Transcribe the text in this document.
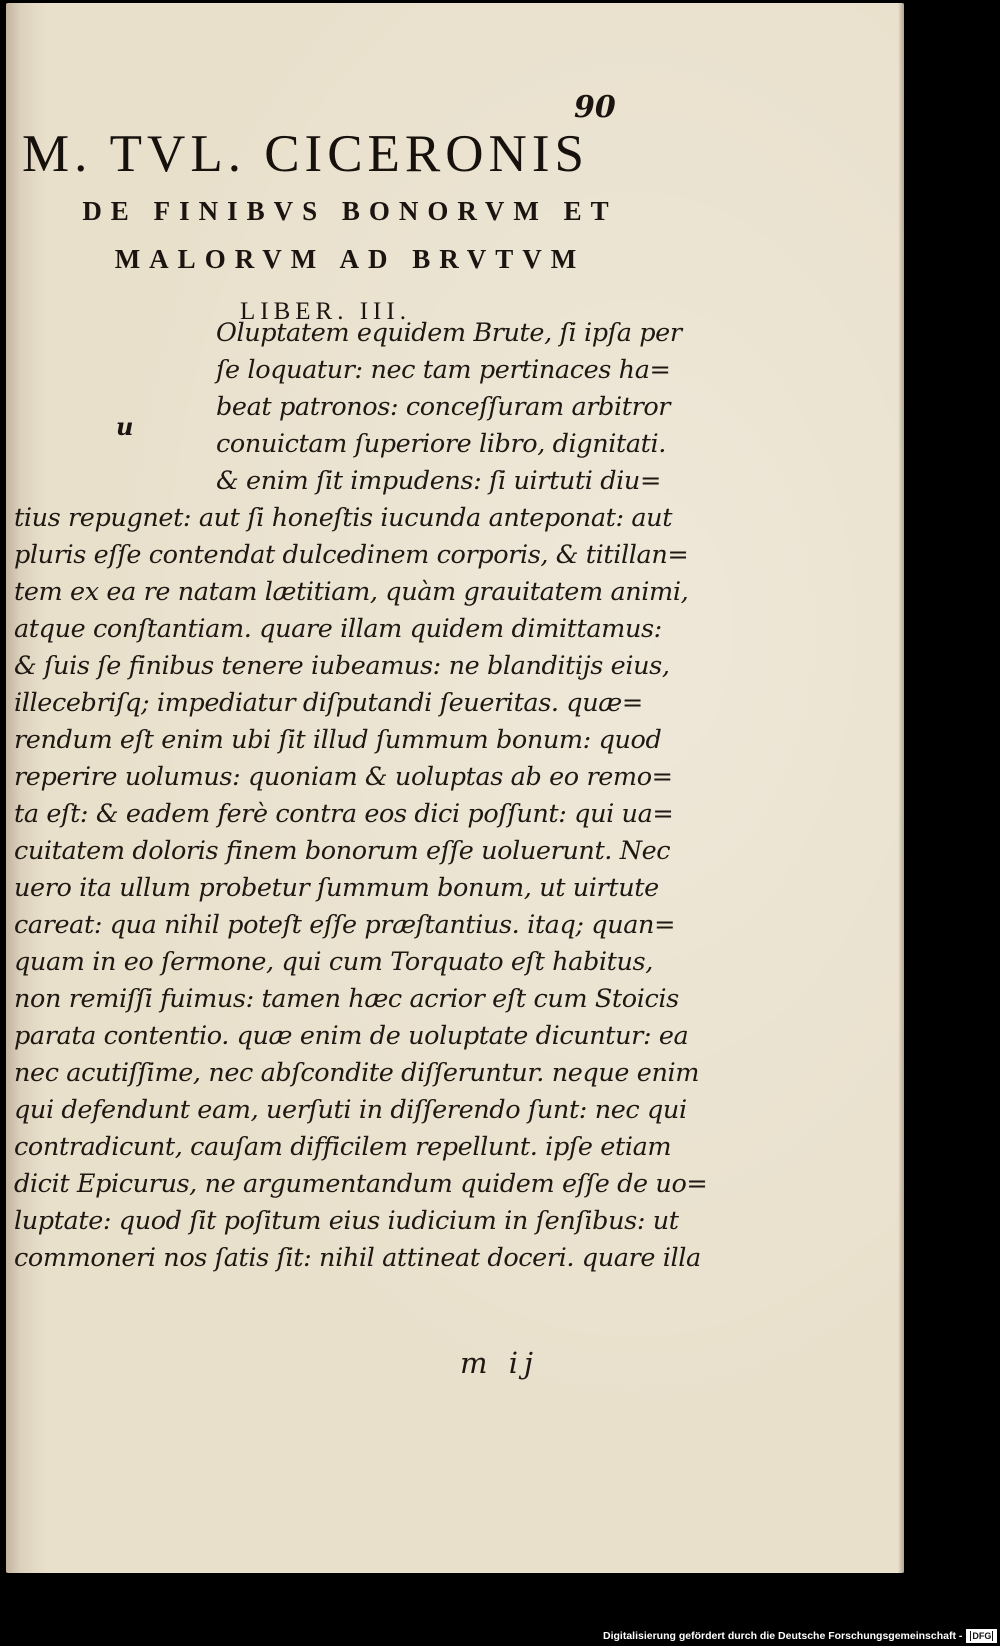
90
M. TVL. CICERONIS
DE FINIBVS BONORVM ET
MALORVM AD BRVTVM
LIBER. III.
u
Oluptatem equidem Brute, ſi ipſa per
ſe loquatur: nec tam pertinaces ha=
beat patronos: conceſſuram arbitror
conuictam ſuperiore libro, dignitati.
& enim ſit impudens: ſi uirtuti diu=
tius repugnet: aut ſi honeſtis iucunda anteponat: aut
pluris eſſe contendat dulcedinem corporis, & titillan=
tem ex ea re natam lætitiam, quàm grauitatem animi,
atque conſtantiam. quare illam quidem dimittamus:
& ſuis ſe finibus tenere iubeamus: ne blanditijs eius,
illecebriſq; impediatur diſputandi ſeueritas. quæ=
rendum eſt enim ubi ſit illud ſummum bonum: quod
reperire uolumus: quoniam & uoluptas ab eo remo=
ta eſt: & eadem ferè contra eos dici poſſunt: qui ua=
cuitatem doloris finem bonorum eſſe uoluerunt. Nec
uero ita ullum probetur ſummum bonum, ut uirtute
careat: qua nihil poteſt eſſe præſtantius. itaq; quan=
quam in eo ſermone, qui cum Torquato eſt habitus,
non remiſſi fuimus: tamen hæc acrior eſt cum Stoicis
parata contentio. quæ enim de uoluptate dicuntur: ea
nec acutiſſime, nec abſcondite diſſeruntur. neque enim
qui defendunt eam, uerſuti in diſſerendo ſunt: nec qui
contradicunt, cauſam difficilem repellunt. ipſe etiam
dicit Epicurus, ne argumentandum quidem eſſe de uo=
luptate: quod ſit poſitum eius iudicium in ſenſibus: ut
commoneri nos ſatis ſit: nihil attineat doceri. quare illa
m ij
Digitalisierung gefördert durch die Deutsche Forschungsgemeinschaft -	DFG
